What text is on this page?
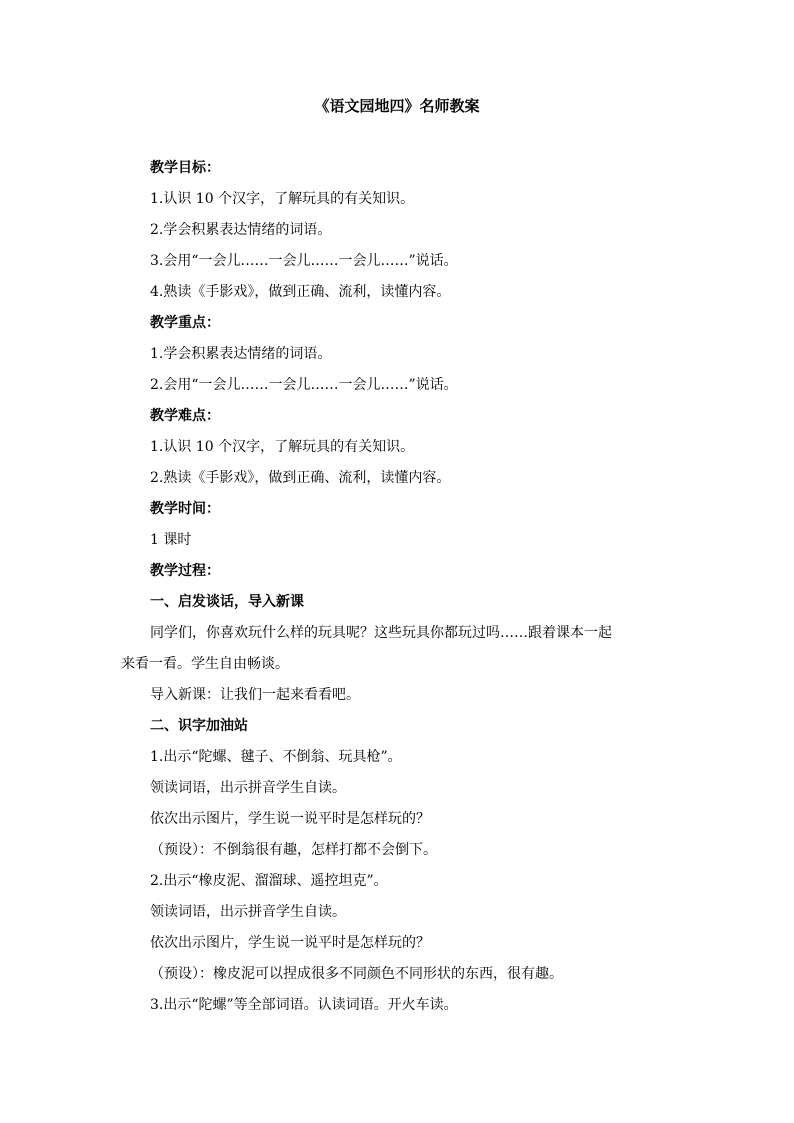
《语文园地四》名师教案
教学目标：
1.认识 10 个汉字，了解玩具的有关知识。
2.学会积累表达情绪的词语。
3.会用“一会儿……一会儿……一会儿……”说话。
4.熟读《手影戏》，做到正确、流利，读懂内容。
教学重点：
1.学会积累表达情绪的词语。
2.会用“一会儿……一会儿……一会儿……”说话。
教学难点：
1.认识 10 个汉字，了解玩具的有关知识。
2.熟读《手影戏》，做到正确、流利，读懂内容。
教学时间：
1 课时
教学过程：
一、启发谈话，导入新课
同学们，你喜欢玩什么样的玩具呢？这些玩具你都玩过吗……跟着课本一起
来看一看。学生自由畅谈。
导入新课：让我们一起来看看吧。
二、识字加油站
1.出示“陀螺、毽子、不倒翁、玩具枪”。
领读词语，出示拼音学生自读。
依次出示图片，学生说一说平时是怎样玩的？
（预设）：不倒翁很有趣，怎样打都不会倒下。
2.出示“橡皮泥、溜溜球、遥控坦克”。
领读词语，出示拼音学生自读。
依次出示图片，学生说一说平时是怎样玩的？
（预设）：橡皮泥可以捏成很多不同颜色不同形状的东西，很有趣。
3.出示“陀螺”等全部词语。认读词语。开火车读。
